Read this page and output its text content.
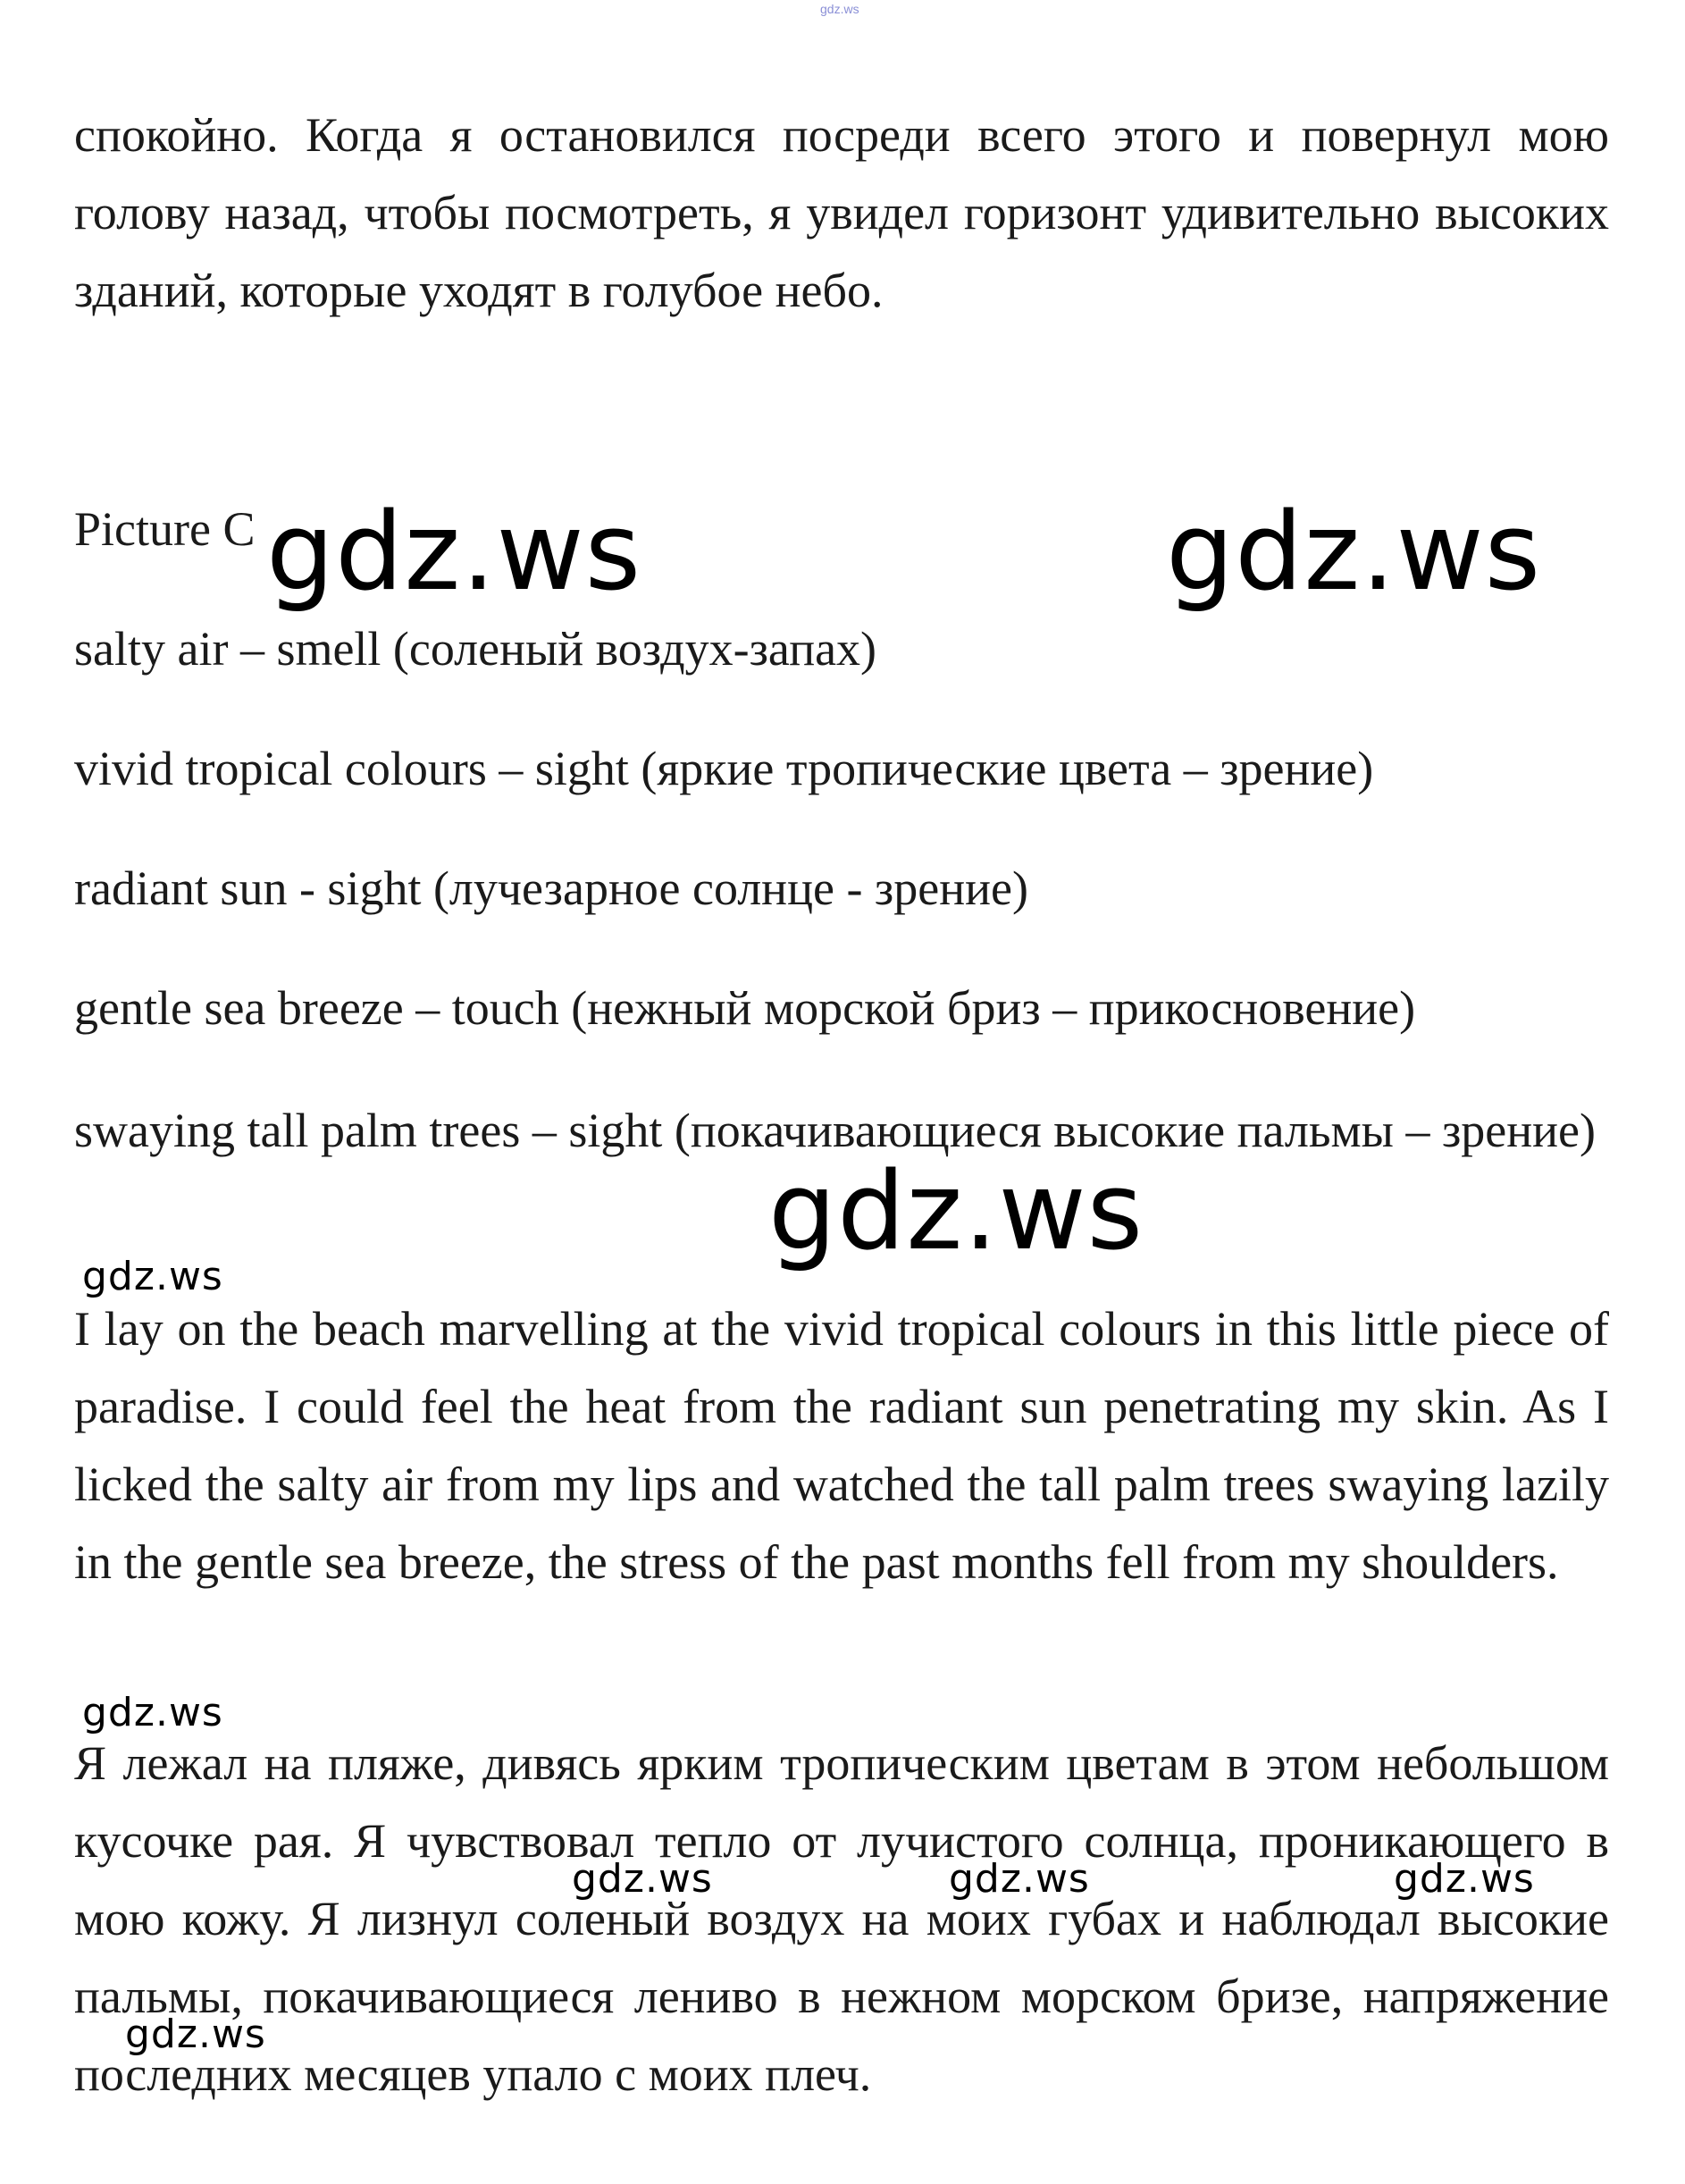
gdz.ws

спокойно. Когда я остановился посреди всего этого и повернул мою голову назад, чтобы посмотреть, я увидел горизонт удивительно высоких зданий, которые уходят в голубое небо.

Picture C

salty air – smell (соленый воздух-запах)

vivid tropical colours – sight (яркие тропические цвета – зрение)

radiant sun - sight (лучезарное солнце - зрение)

gentle sea breeze – touch (нежный морской бриз – прикосновение)

swaying tall palm trees – sight (покачивающиеся высокие пальмы – зрение)

I lay on the beach marvelling at the vivid tropical colours in this little piece of paradise. I could feel the heat from the radiant sun penetrating my skin. As I licked the salty air from my lips and watched the tall palm trees swaying lazily in the gentle sea breeze, the stress of the past months fell from my shoulders.

Я лежал на пляже, дивясь ярким тропическим цветам в этом небольшом кусочке рая. Я чувствовал тепло от лучистого солнца, проникающего в мою кожу. Я лизнул соленый воздух на моих губах и наблюдал высокие пальмы, покачивающиеся лениво в нежном морском бризе, напряжение последних месяцев упало с моих плеч.

gdz.ws	gdz.ws
gdz.ws
gdz.ws
gdz.ws
gdz.ws	gdz.ws	gdz.ws
gdz.ws
